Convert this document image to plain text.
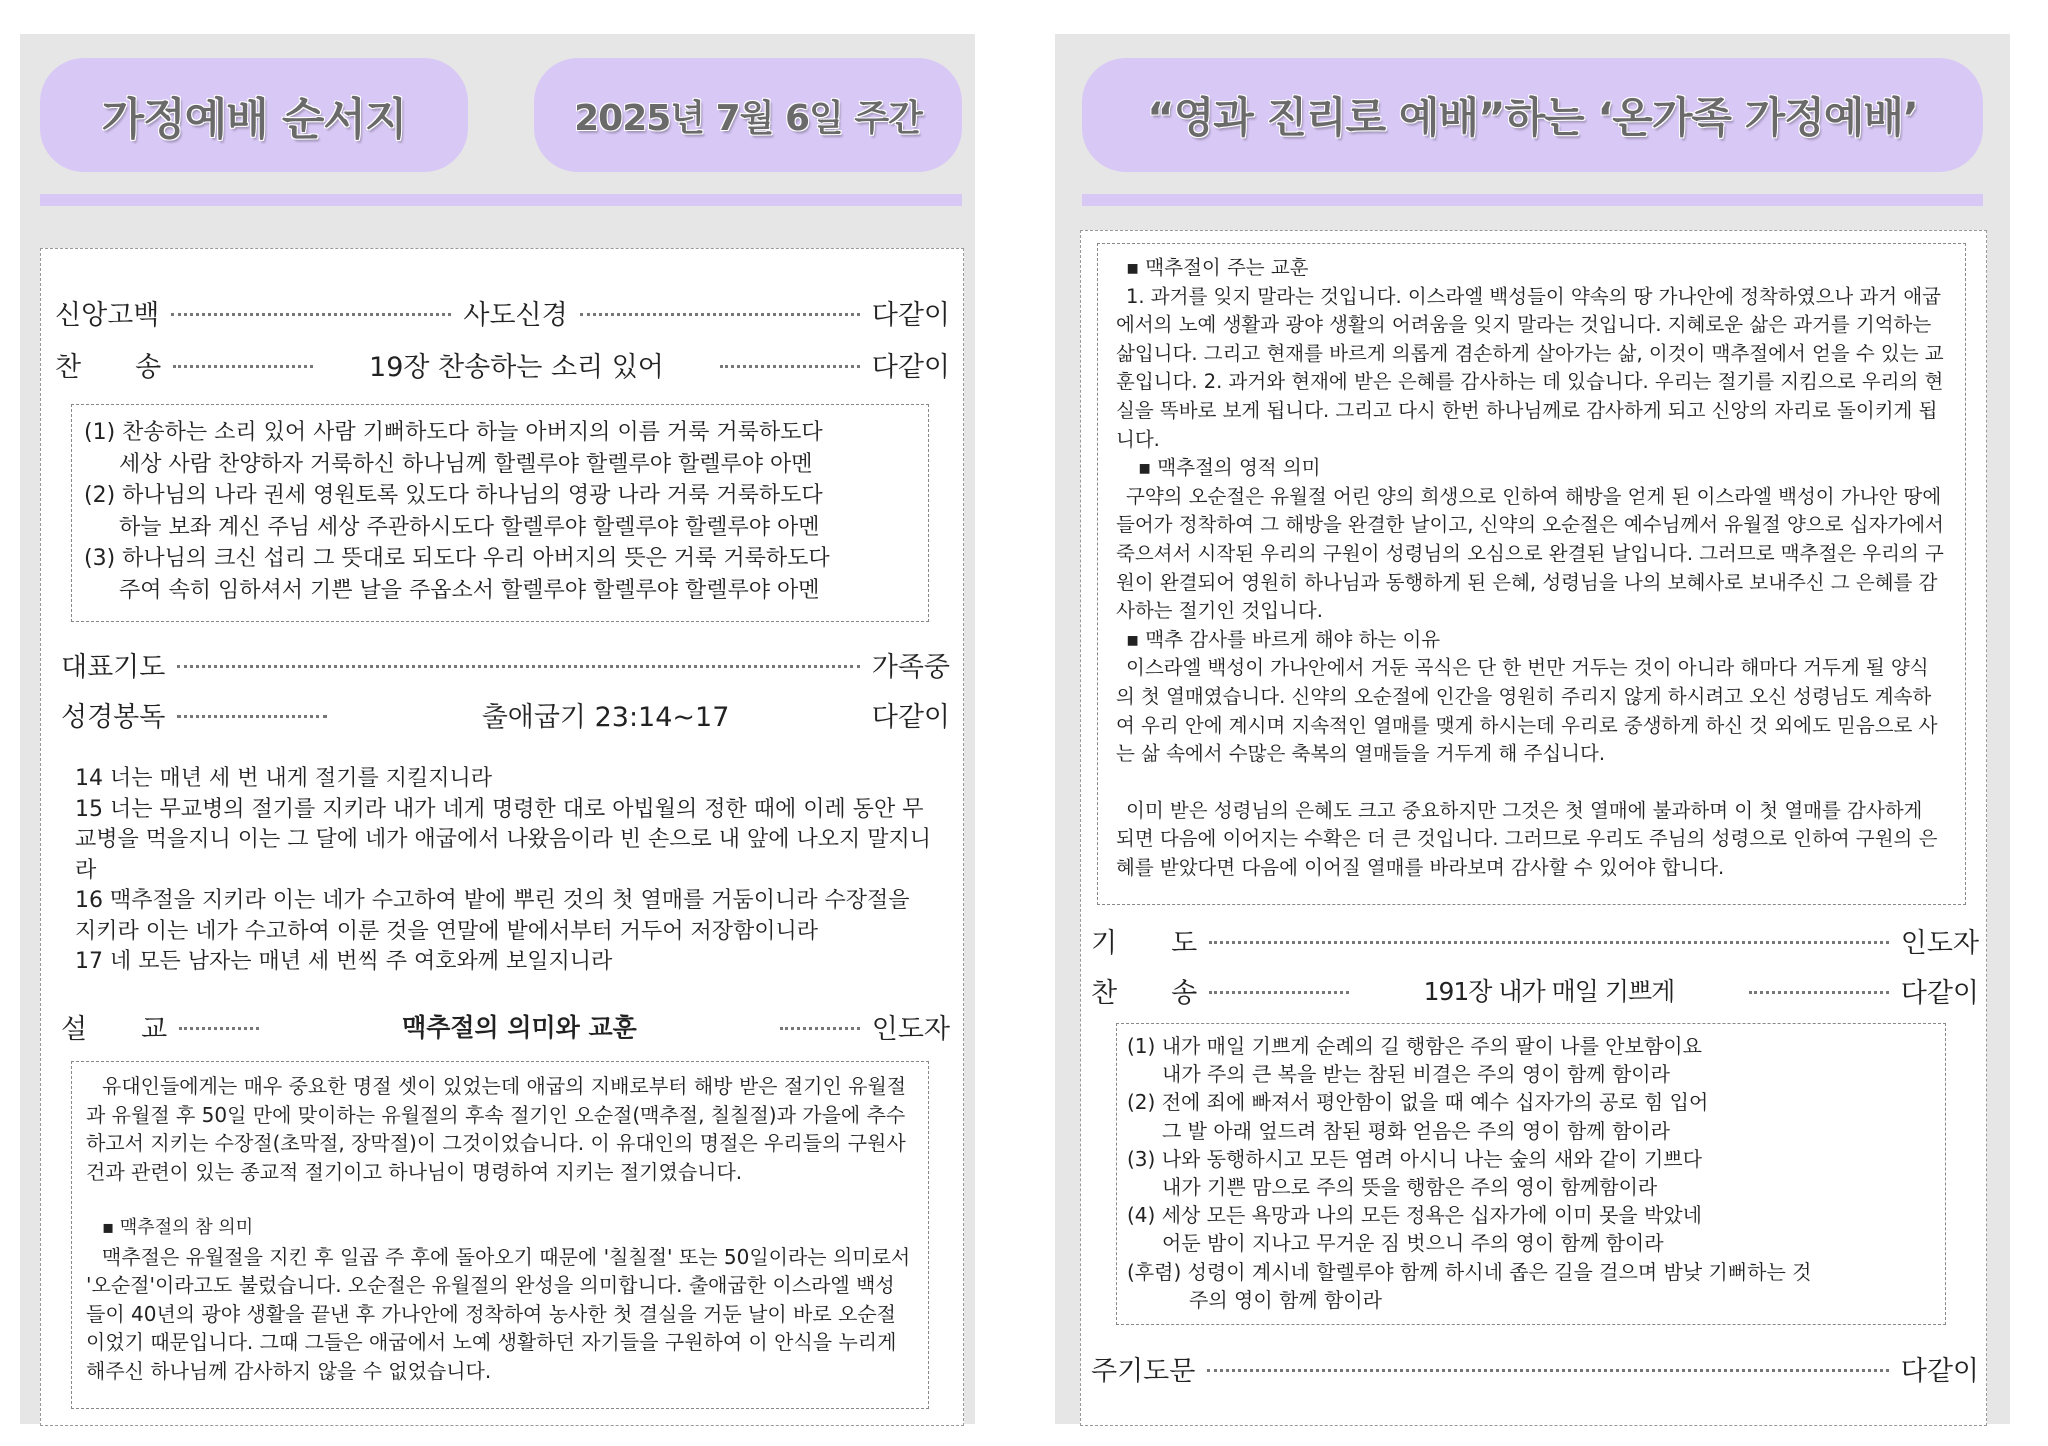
가정예배 순서지	2025년 7월 6일 주간
신앙고백	사도신경	다같이
찬　　송	19장 찬송하는 소리 있어	다같이

(1) 찬송하는 소리 있어 사람 기뻐하도다 하늘 아버지의 이름 거룩 거룩하도다

세상 사람 찬양하자 거룩하신 하나님께 할렐루야 할렐루야 할렐루야 아멘

(2) 하나님의 나라 권세 영원토록 있도다 하나님의 영광 나라 거룩 거룩하도다

하늘 보좌 계신 주님 세상 주관하시도다 할렐루야 할렐루야 할렐루야 아멘

(3) 하나님의 크신 섭리 그 뜻대로 되도다 우리 아버지의 뜻은 거룩 거룩하도다

주여 속히 임하셔서 기쁜 날을 주옵소서 할렐루야 할렐루야 할렐루야 아멘

대표기도	가족중
성경봉독	출애굽기 23:14~17	다같이

14 너는 매년 세 번 내게 절기를 지킬지니라

15 너는 무교병의 절기를 지키라 내가 네게 명령한 대로 아빕월의 정한 때에 이레 동안 무교병을 먹을지니 이는 그 달에 네가 애굽에서 나왔음이라 빈 손으로 내 앞에 나오지 말지니라

16 맥추절을 지키라 이는 네가 수고하여 밭에 뿌린 것의 첫 열매를 거둠이니라 수장절을 지키라 이는 네가 수고하여 이룬 것을 연말에 밭에서부터 거두어 저장함이니라

17 네 모든 남자는 매년 세 번씩 주 여호와께 보일지니라

설　　교	맥추절의 의미와 교훈	인도자

유대인들에게는 매우 중요한 명절 셋이 있었는데 애굽의 지배로부터 해방 받은 절기인 유월절과 유월절 후 50일 만에 맞이하는 유월절의 후속 절기인 오순절(맥추절, 칠칠절)과 가을에 추수하고서 지키는 수장절(초막절, 장막절)이 그것이었습니다. 이 유대인의 명절은 우리들의 구원사건과 관련이 있는 종교적 절기이고 하나님이 명령하여 지키는 절기였습니다.

▪ 맥추절의 참 의미

맥추절은 유월절을 지킨 후 일곱 주 후에 돌아오기 때문에 '칠칠절' 또는 50일이라는 의미로서 '오순절'이라고도 불렀습니다. 오순절은 유월절의 완성을 의미합니다. 출애굽한 이스라엘 백성들이 40년의 광야 생활을 끝낸 후 가나안에 정착하여 농사한 첫 결실을 거둔 날이 바로 오순절이었기 때문입니다. 그때 그들은 애굽에서 노예 생활하던 자기들을 구원하여 이 안식을 누리게 해주신 하나님께 감사하지 않을 수 없었습니다.

“영과 진리로 예배”하는 ‘온가족 가정예배’

▪ 맥추절이 주는 교훈

1. 과거를 잊지 말라는 것입니다. 이스라엘 백성들이 약속의 땅 가나안에 정착하였으나 과거 애굽에서의 노예 생활과 광야 생활의 어려움을 잊지 말라는 것입니다. 지혜로운 삶은 과거를 기억하는 삶입니다. 그리고 현재를 바르게 의롭게 겸손하게 살아가는 삶, 이것이 맥추절에서 얻을 수 있는 교훈입니다. 2. 과거와 현재에 받은 은혜를 감사하는 데 있습니다. 우리는 절기를 지킴으로 우리의 현실을 똑바로 보게 됩니다. 그리고 다시 한번 하나님께로 감사하게 되고 신앙의 자리로 돌이키게 됩니다.

▪ 맥추절의 영적 의미

구약의 오순절은 유월절 어린 양의 희생으로 인하여 해방을 얻게 된 이스라엘 백성이 가나안 땅에 들어가 정착하여 그 해방을 완결한 날이고, 신약의 오순절은 예수님께서 유월절 양으로 십자가에서 죽으셔서 시작된 우리의 구원이 성령님의 오심으로 완결된 날입니다. 그러므로 맥추절은 우리의 구원이 완결되어 영원히 하나님과 동행하게 된 은혜, 성령님을 나의 보혜사로 보내주신 그 은혜를 감사하는 절기인 것입니다.

▪ 맥추 감사를 바르게 해야 하는 이유

이스라엘 백성이 가나안에서 거둔 곡식은 단 한 번만 거두는 것이 아니라 해마다 거두게 될 양식의 첫 열매였습니다. 신약의 오순절에 인간을 영원히 주리지 않게 하시려고 오신 성령님도 계속하여 우리 안에 계시며 지속적인 열매를 맺게 하시는데 우리로 중생하게 하신 것 외에도 믿음으로 사는 삶 속에서 수많은 축복의 열매들을 거두게 해 주십니다.

이미 받은 성령님의 은혜도 크고 중요하지만 그것은 첫 열매에 불과하며 이 첫 열매를 감사하게 되면 다음에 이어지는 수확은 더 큰 것입니다. 그러므로 우리도 주님의 성령으로 인하여 구원의 은혜를 받았다면 다음에 이어질 열매를 바라보며 감사할 수 있어야 합니다.

기　　도	인도자
찬　　송	191장 내가 매일 기쁘게	다같이

(1) 내가 매일 기쁘게 순례의 길 행함은 주의 팔이 나를 안보함이요

내가 주의 큰 복을 받는 참된 비결은 주의 영이 함께 함이라

(2) 전에 죄에 빠져서 평안함이 없을 때 예수 십자가의 공로 힘 입어

그 발 아래 엎드려 참된 평화 얻음은 주의 영이 함께 함이라

(3) 나와 동행하시고 모든 염려 아시니 나는 숲의 새와 같이 기쁘다

내가 기쁜 맘으로 주의 뜻을 행함은 주의 영이 함께함이라

(4) 세상 모든 욕망과 나의 모든 정욕은 십자가에 이미 못을 박았네

어둔 밤이 지나고 무거운 짐 벗으니 주의 영이 함께 함이라

(후렴) 성령이 계시네 할렐루야 함께 하시네 좁은 길을 걸으며 밤낮 기뻐하는 것

주의 영이 함께 함이라

주기도문	다같이
